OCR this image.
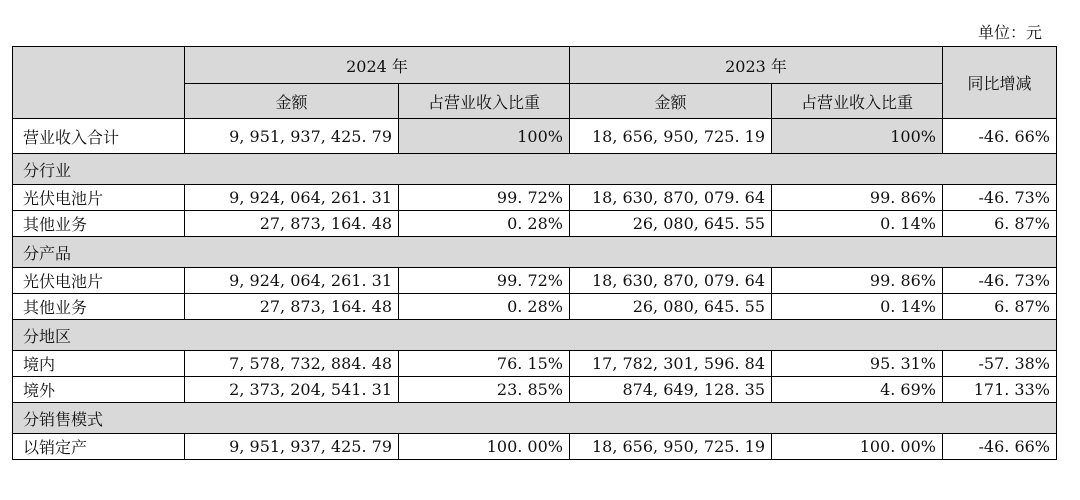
单位：元
	2024 年		2023 年		同比增减
	金额	占营业收入比重	金额	占营业收入比重	
营业收入合计	9, 951, 937, 425. 79	100%	18, 656, 950, 725. 19	100%	-46. 66%
分行业					
光伏电池片	9, 924, 064, 261. 31	99. 72%	18, 630, 870, 079. 64	99. 86%	-46. 73%
其他业务	27, 873, 164. 48	0. 28%	26, 080, 645. 55	0. 14%	6. 87%
分产品					
光伏电池片	9, 924, 064, 261. 31	99. 72%	18, 630, 870, 079. 64	99. 86%	-46. 73%
其他业务	27, 873, 164. 48	0. 28%	26, 080, 645. 55	0. 14%	6. 87%
分地区					
境内	7, 578, 732, 884. 48	76. 15%	17, 782, 301, 596. 84	95. 31%	-57. 38%
境外	2, 373, 204, 541. 31	23. 85%	874, 649, 128. 35	4. 69%	171. 33%
分销售模式					
以销定产	9, 951, 937, 425. 79	100. 00%	18, 656, 950, 725. 19	100. 00%	-46. 66%
